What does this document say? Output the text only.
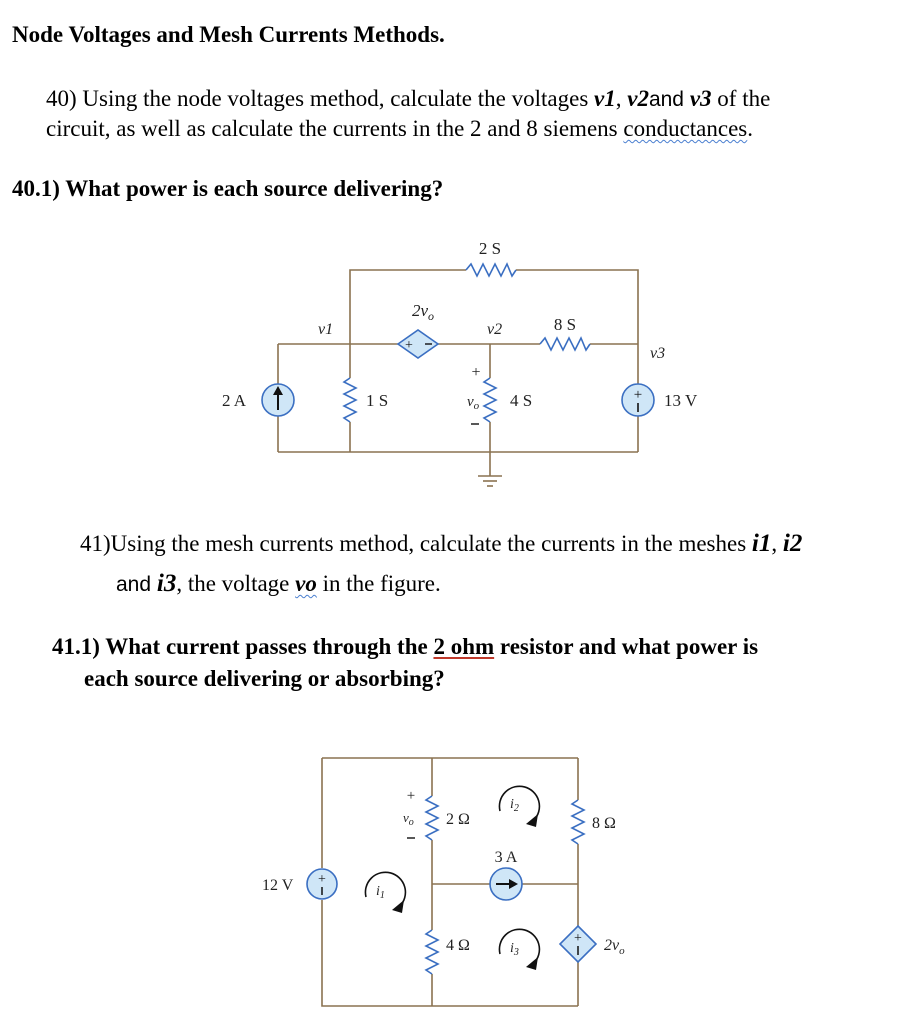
Node Voltages and Mesh Currents Methods.
40) Using the node voltages method, calculate the voltages v1, v2and v3 of the
circuit, as well as calculate the currents in the 2 and 8 siemens conductances.
40.1) What power is each source delivering?
41)Using the mesh currents method, calculate the currents in the meshes i1, i2
and i3, the voltage vo in the figure.
41.1) What current passes through the 2 ohm resistor and what power is
each source delivering or absorbing?
+
+
2 S
8 S
1 S	4 S
2 A	13 V
$2v_o$
v1	v2
v3
+
$v_o$
+
+
$i_1$
$i_2$
$i_3$
12 V
2 Ω
4 Ω
8 Ω
3 A
$2v_o$
+
$v_o$
